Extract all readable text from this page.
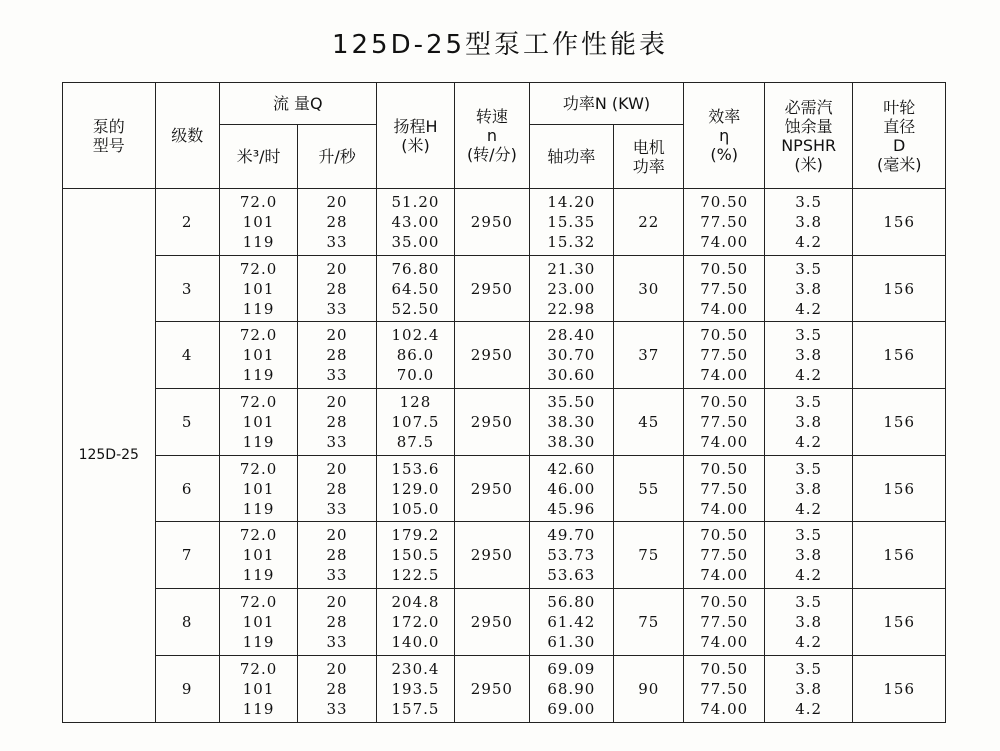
125D-25型泵工作性能表
泵的
型号	级数	流 量Q		扬程H
(米)	转速
n
(转/分)	功率N (KW)		效率
η
(%)	必需汽
蚀余量
NPSHR
(米)	叶轮
直径
D
(毫米)

		米³/时	升/秒			轴功率	电机
功率			

125D-25	2	72.0
101
119	20
28
33	51.20
43.00
35.00	2950	14.20
15.35
15.32	22	70.50
77.50
74.00	3.5
3.8
4.2	156
	3	72.0
101
119	20
28
33	76.80
64.50
52.50	2950	21.30
23.00
22.98	30	70.50
77.50
74.00	3.5
3.8
4.2	156
	4	72.0
101
119	20
28
33	102.4
86.0
70.0	2950	28.40
30.70
30.60	37	70.50
77.50
74.00	3.5
3.8
4.2	156
	5	72.0
101
119	20
28
33	128
107.5
87.5	2950	35.50
38.30
38.30	45	70.50
77.50
74.00	3.5
3.8
4.2	156
	6	72.0
101
119	20
28
33	153.6
129.0
105.0	2950	42.60
46.00
45.96	55	70.50
77.50
74.00	3.5
3.8
4.2	156
	7	72.0
101
119	20
28
33	179.2
150.5
122.5	2950	49.70
53.73
53.63	75	70.50
77.50
74.00	3.5
3.8
4.2	156
	8	72.0
101
119	20
28
33	204.8
172.0
140.0	2950	56.80
61.42
61.30	75	70.50
77.50
74.00	3.5
3.8
4.2	156
	9	72.0
101
119	20
28
33	230.4
193.5
157.5	2950	69.09
68.90
69.00	90	70.50
77.50
74.00	3.5
3.8
4.2	156
